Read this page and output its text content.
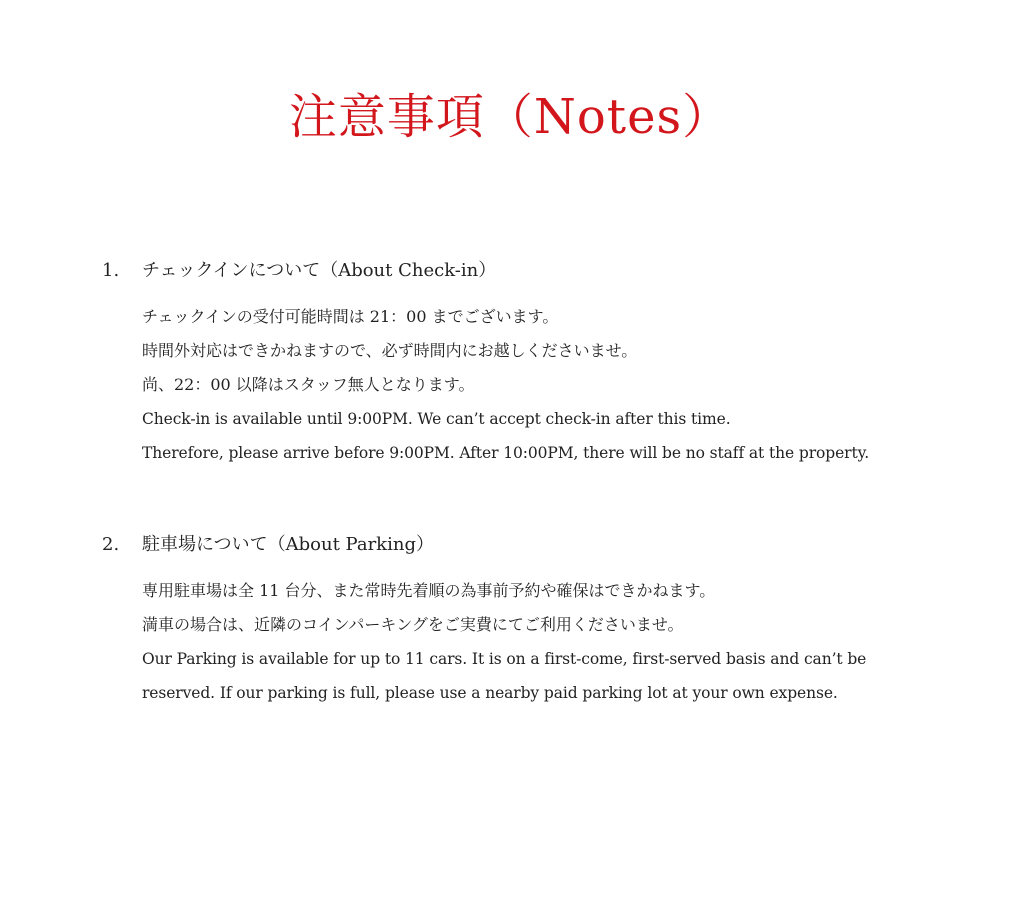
注意事項（Notes）
1.	チェックインについて（About Check-in）
チェックインの受付可能時間は 21：00 までございます。
時間外対応はできかねますので、必ず時間内にお越しくださいませ。
尚、22：00 以降はスタッフ無人となります。
Check-in is available until 9:00PM. We can’t accept check-in after this time.
Therefore, please arrive before 9:00PM. After 10:00PM, there will be no staff at the property.
2.	駐車場について（About Parking）
専用駐車場は全 11 台分、また常時先着順の為事前予約や確保はできかねます。
満車の場合は、近隣のコインパーキングをご実費にてご利用くださいませ。
Our Parking is available for up to 11 cars. It is on a first-come, first-served basis and can’t be
reserved. If our parking is full, please use a nearby paid parking lot at your own expense.
